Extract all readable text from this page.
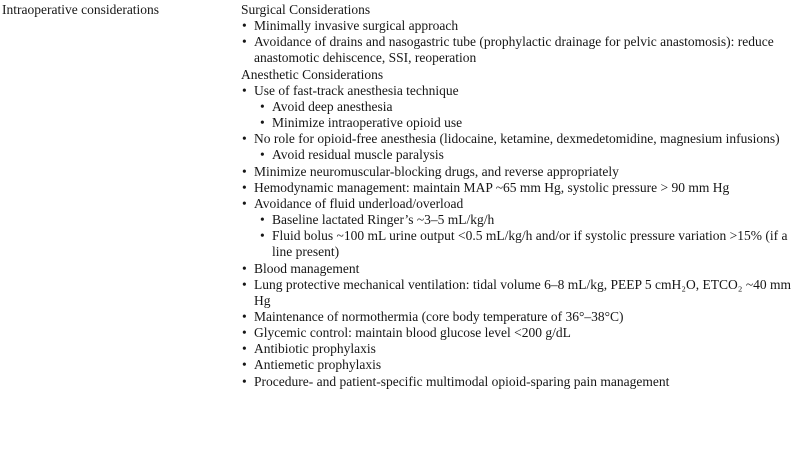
Intraoperative considerations	Surgical Considerations
• Minimally invasive surgical approach
• Avoidance of drains and nasogastric tube (prophylactic drainage for pelvic anastomosis): reduce anastomotic dehiscence, SSI, reoperation
Anesthetic Considerations
• Use of fast-track anesthesia technique
• Avoid deep anesthesia
• Minimize intraoperative opioid use
• No role for opioid-free anesthesia (lidocaine, ketamine, dexmedetomidine, magnesium infusions)
• Avoid residual muscle paralysis
• Minimize neuromuscular-blocking drugs, and reverse appropriately
• Hemodynamic management: maintain MAP ~65 mm Hg, systolic pressure > 90 mm Hg
• Avoidance of fluid underload/overload
• Baseline lactated Ringer’s ~3–5 mL/kg/h
• Fluid bolus ~100 mL urine output <0.5 mL/kg/h and/or if systolic pressure variation >15% (if a line present)
• Blood management
• Lung protective mechanical ventilation: tidal volume 6–8 mL/kg, PEEP 5 cmH₂O, ETCO₂ ~40 mm Hg
• Maintenance of normothermia (core body temperature of 36°–38°C)
• Glycemic control: maintain blood glucose level <200 g/dL
• Antibiotic prophylaxis
• Antiemetic prophylaxis
• Procedure- and patient-specific multimodal opioid-sparing pain management
